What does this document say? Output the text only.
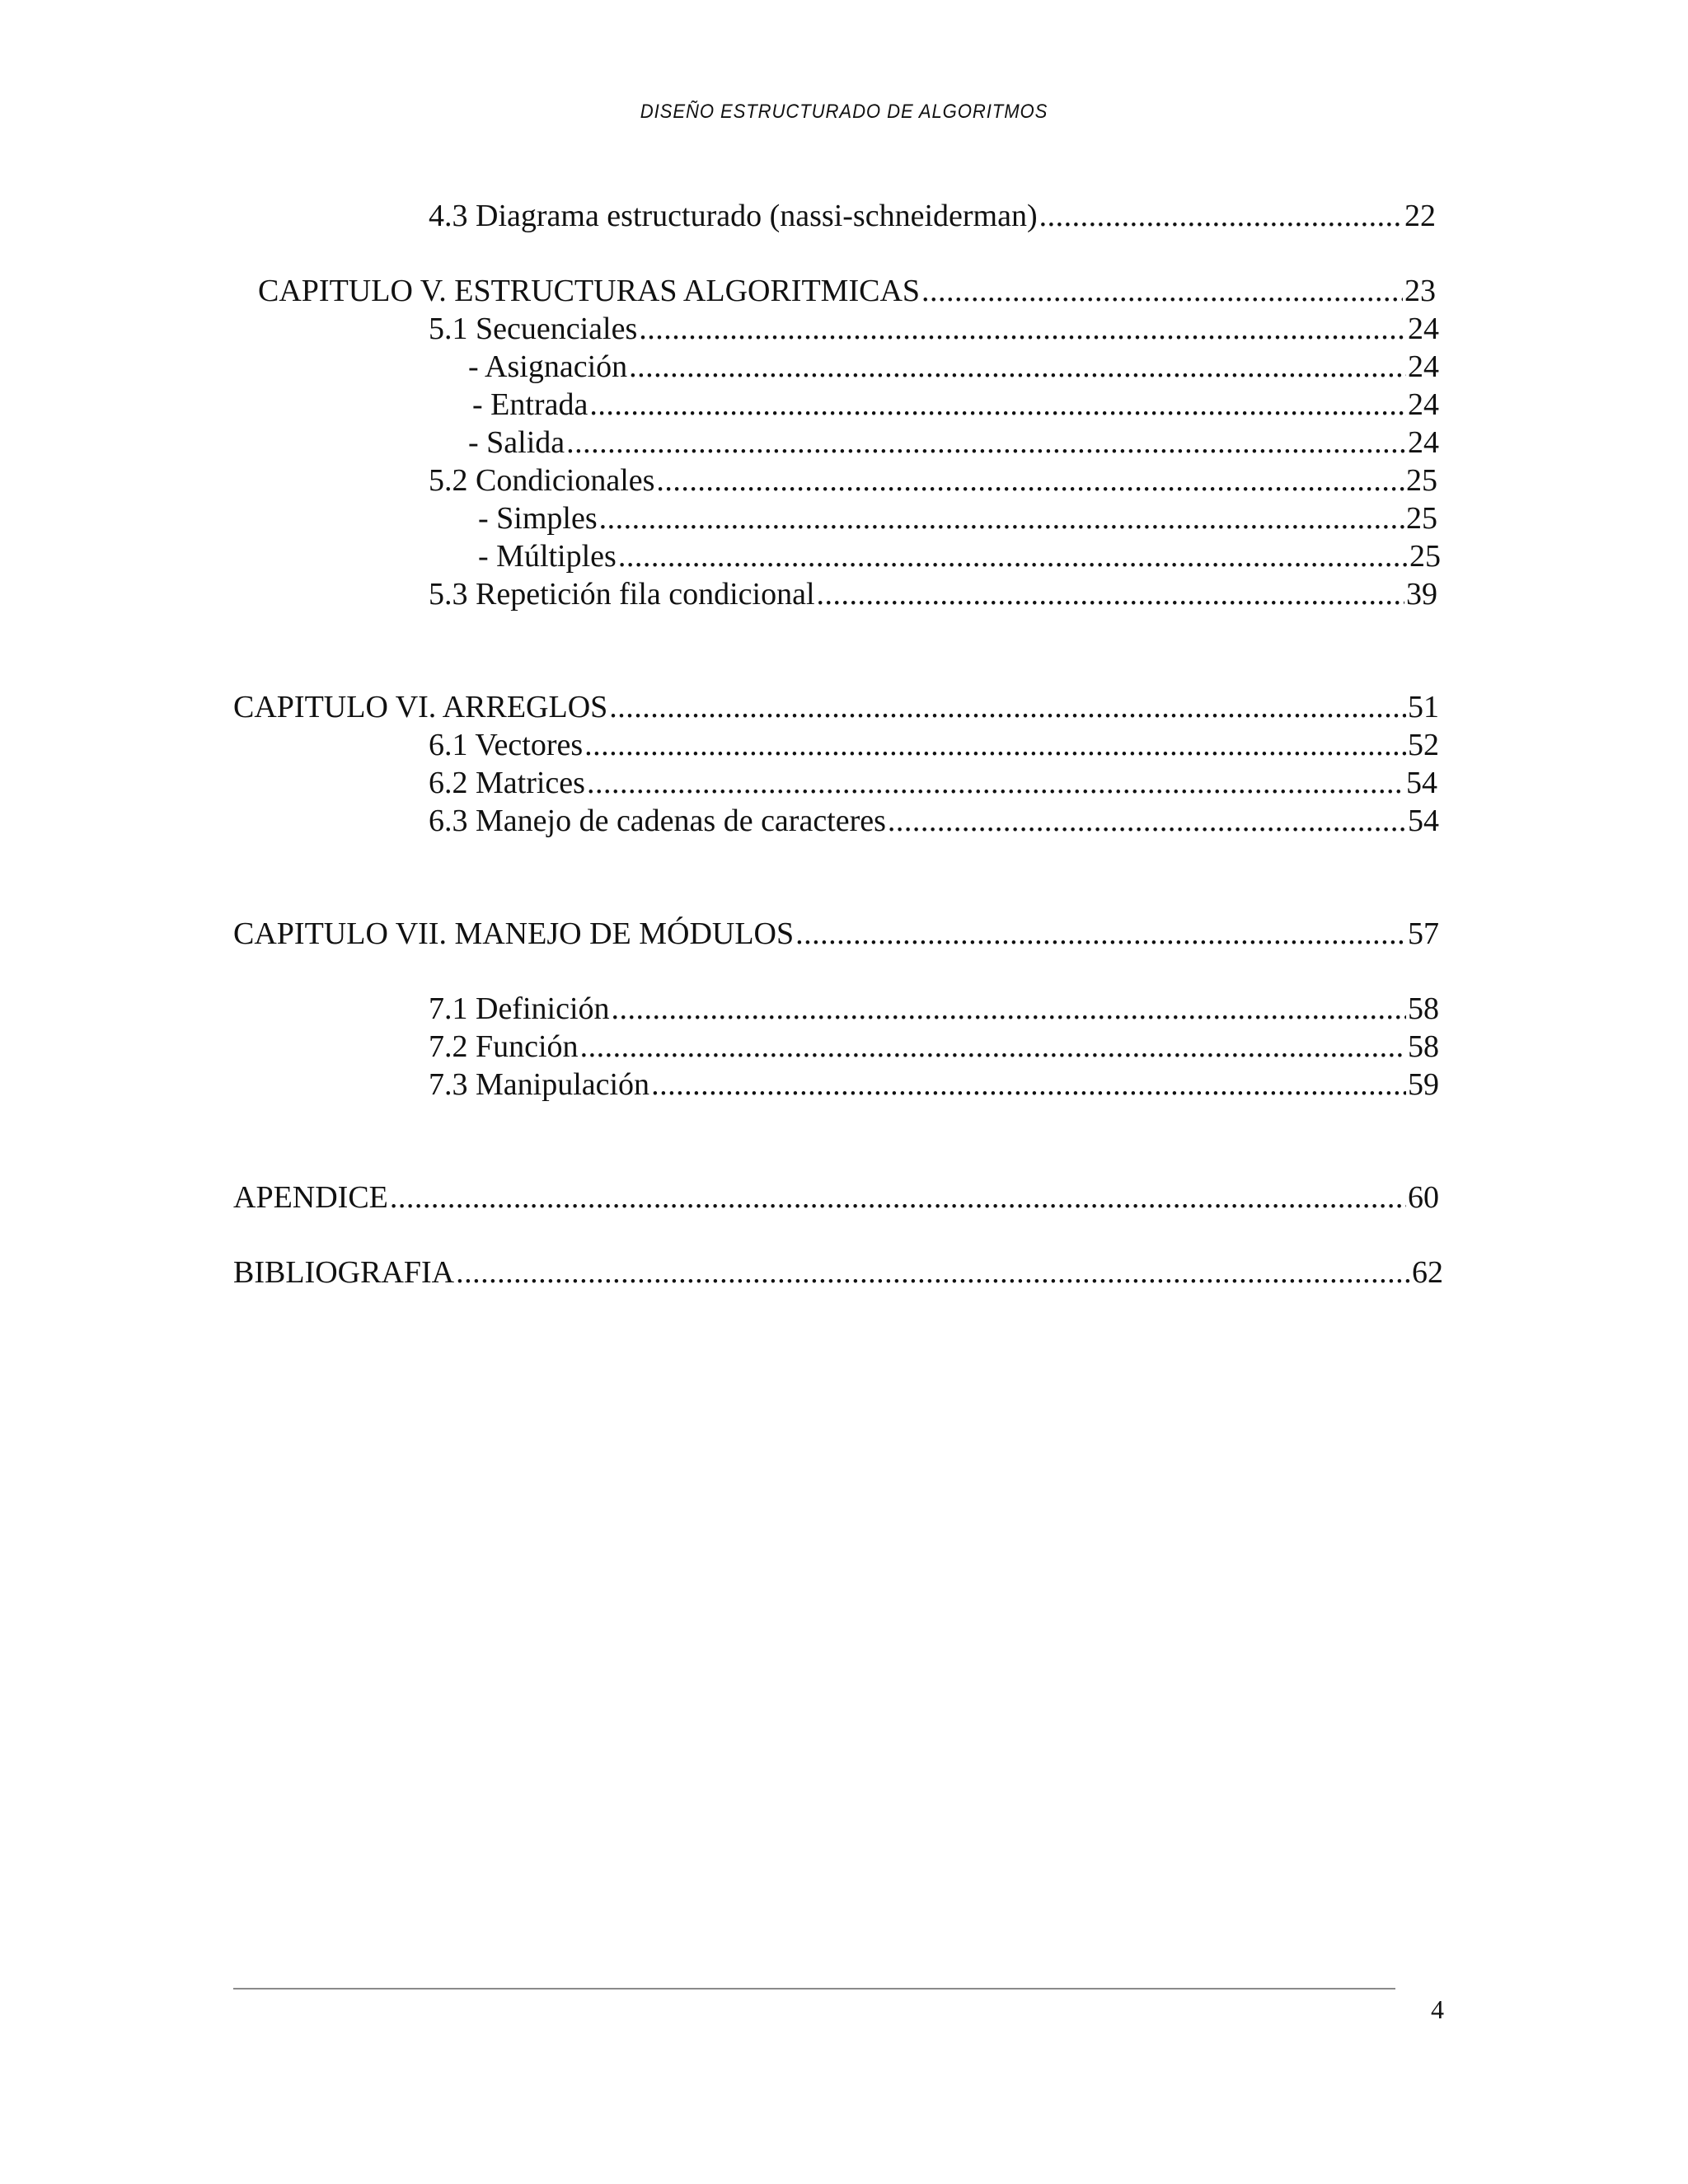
DISEÑO ESTRUCTURADO DE ALGORITMOS
4.3 Diagrama estructurado (nassi-schneiderman) .....	22
CAPITULO V. ESTRUCTURAS ALGORITMICAS .....	23
5.1 Secuenciales .....	24
- Asignación .....	24
- Entrada .....	24
- Salida .....	24
5.2 Condicionales .....	25
- Simples .....	25
- Múltiples .....	25
5.3 Repetición fila condicional .....	39
CAPITULO VI. ARREGLOS .....	51
6.1 Vectores .....	52
6.2 Matrices .....	54
6.3 Manejo de cadenas de caracteres .....	54
CAPITULO VII. MANEJO DE MÓDULOS .....	57
7.1 Definición .....	58
7.2 Función .....	58
7.3 Manipulación .....	59
APENDICE .....	60
BIBLIOGRAFIA .....	62
4
